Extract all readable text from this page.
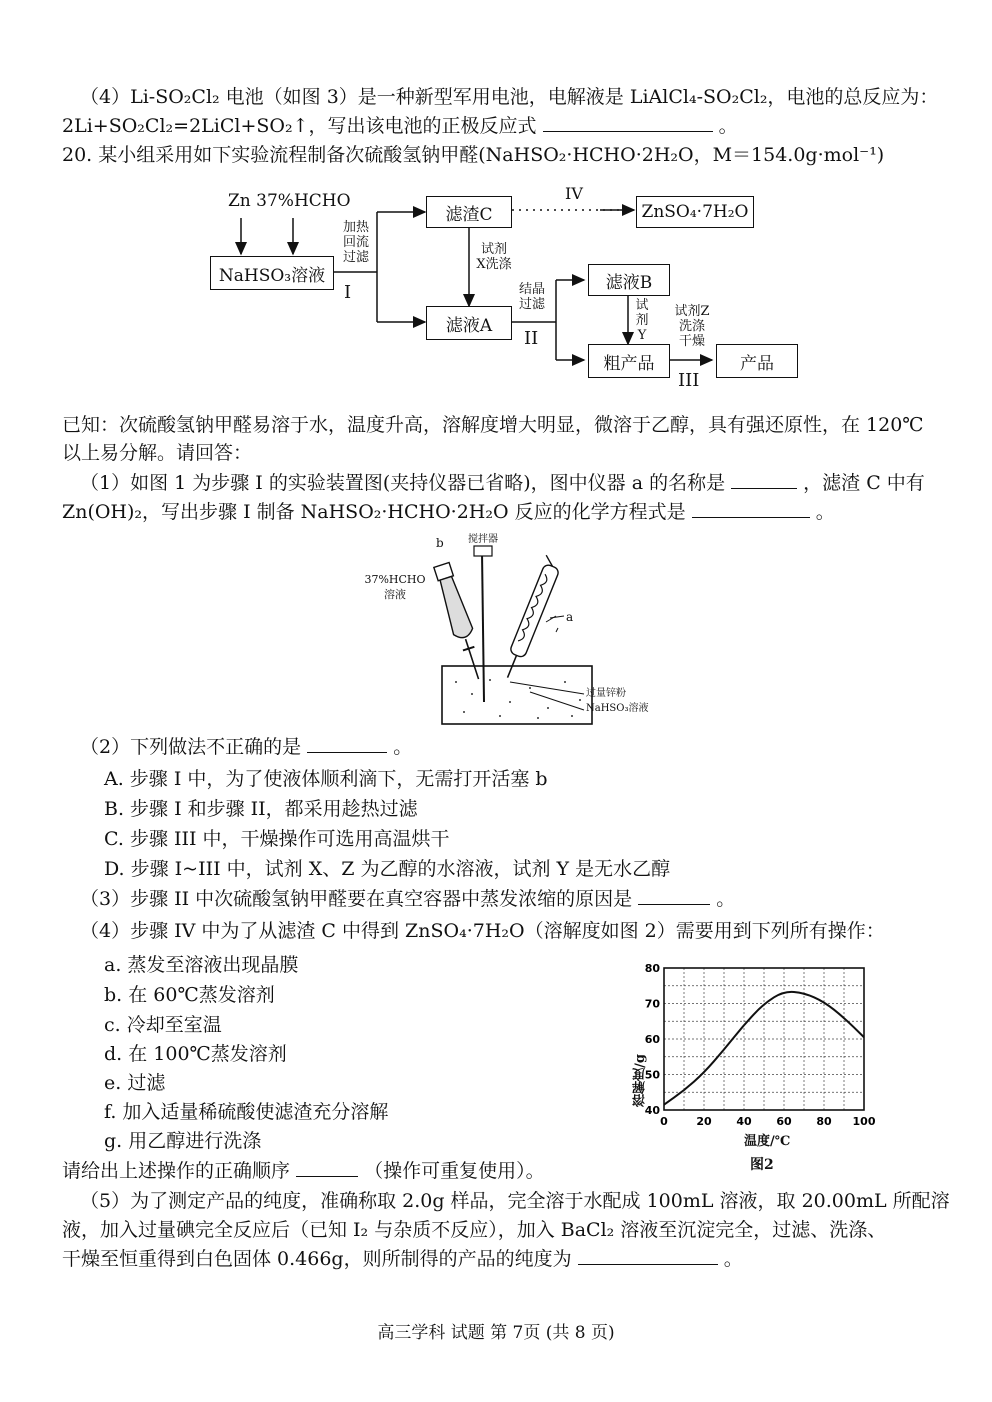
（4）Li-SO₂Cl₂ 电池（如图 3）是一种新型军用电池，电解液是 LiAlCl₄-SO₂Cl₂，电池的总反应为：
2Li+SO₂Cl₂=2LiCl+SO₂↑，写出该电池的正极反应式	。
20. 某小组采用如下实验流程制备次硫酸氢钠甲醛(NaHSO₂·HCHO·2H₂O，M＝154.0g·mol⁻¹)
Zn 37%HCHO
NaHSO₃溶液
加热
回流
过滤
I
滤渣C
IV
ZnSO₄·7H₂O
试剂
X洗涤
滤液A
结晶
过滤
II
滤液B
试
剂
Y
粗产品
试剂Z
洗涤
干燥
III
产品
已知：次硫酸氢钠甲醛易溶于水，温度升高，溶解度增大明显，微溶于乙醇，具有强还原性，在 120℃
以上易分解。请回答：
（1）如图 1 为步骤 I 的实验装置图(夹持仪器已省略)，图中仪器 a 的名称是	，滤渣 C 中有
Zn(OH)₂，写出步骤 I 制备 NaHSO₂·HCHO·2H₂O 反应的化学方程式是	。
b 搅拌器
37%HCHO
溶液
a
过量锌粉
NaHSO₃溶液
（2）下列做法不正确的是	。
A. 步骤 I 中，为了使液体顺利滴下，无需打开活塞 b
B. 步骤 I 和步骤 II，都采用趁热过滤
C. 步骤 III 中，干燥操作可选用高温烘干
D. 步骤 I~III 中，试剂 X、Z 为乙醇的水溶液，试剂 Y 是无水乙醇
（3）步骤 II 中次硫酸氢钠甲醛要在真空容器中蒸发浓缩的原因是	。
（4）步骤 IV 中为了从滤渣 C 中得到 ZnSO₄·7H₂O（溶解度如图 2）需要用到下列所有操作：
a. 蒸发至溶液出现晶膜
b. 在 60℃蒸发溶剂
c. 冷却至室温
d. 在 100℃蒸发溶剂
e. 过滤
f. 加入适量稀硫酸使滤渣充分溶解
g. 用乙醇进行洗涤
请给出上述操作的正确顺序	（操作可重复使用）。
0	20 40 60 80 100
40
50
60
70
80
溶解度/g
温度/℃
图2
（5）为了测定产品的纯度，准确称取 2.0g 样品，完全溶于水配成 100mL 溶液，取 20.00mL 所配溶
液，加入过量碘完全反应后（已知 I₂ 与杂质不反应），加入 BaCl₂ 溶液至沉淀完全，过滤、洗涤、
干燥至恒重得到白色固体 0.466g，则所制得的产品的纯度为	。
高三学科 试题 第 7页 (共 8 页)
